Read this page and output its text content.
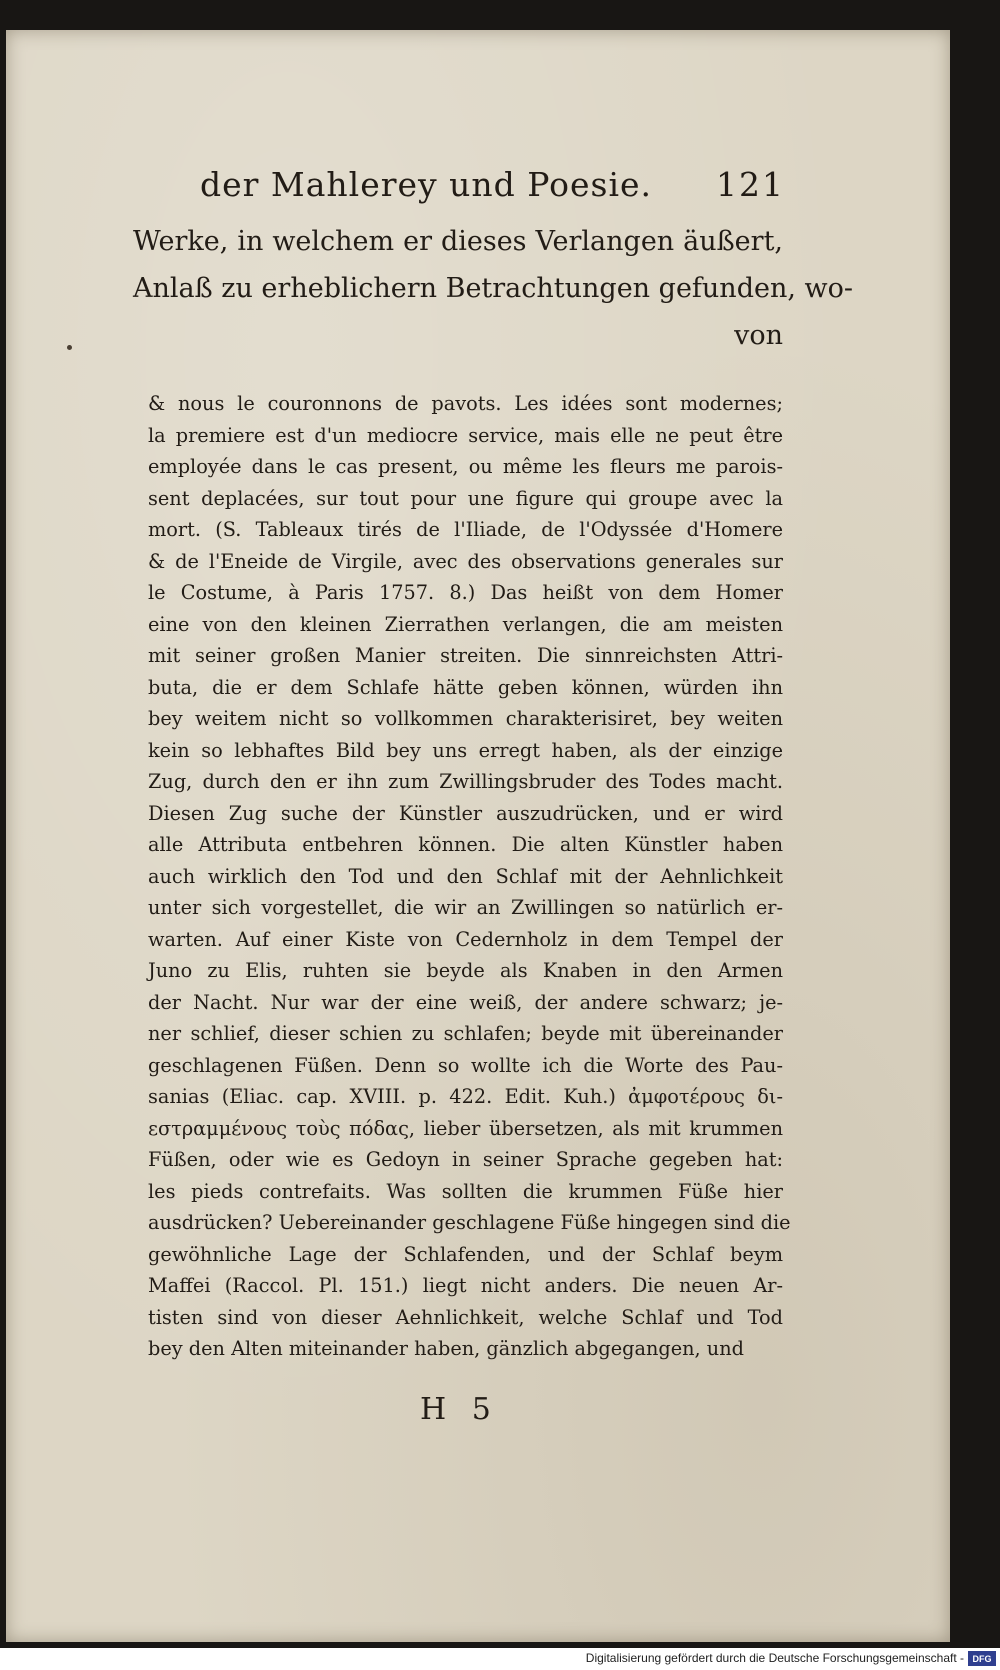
der Mahlerey und Poesie. 121
Werke, in welchem er dieses Verlangen äußert,
Anlaß zu erheblichern Betrachtungen gefunden, wo-
von
& nous le couronnons de pavots. Les idées sont modernes;
la premiere est d'un mediocre service, mais elle ne peut être
employée dans le cas present, ou même les fleurs me parois-
sent deplacées, sur tout pour une figure qui groupe avec la
mort. (S. Tableaux tirés de l'Iliade, de l'Odyssée d'Homere
& de l'Eneide de Virgile, avec des observations generales sur
le Costume, à Paris 1757. 8.) Das heißt von dem Homer
eine von den kleinen Zierrathen verlangen, die am meisten
mit seiner großen Manier streiten. Die sinnreichsten Attri-
buta, die er dem Schlafe hätte geben können, würden ihn
bey weitem nicht so vollkommen charakterisiret, bey weiten
kein so lebhaftes Bild bey uns erregt haben, als der einzige
Zug, durch den er ihn zum Zwillingsbruder des Todes macht.
Diesen Zug suche der Künstler auszudrücken, und er wird
alle Attributa entbehren können. Die alten Künstler haben
auch wirklich den Tod und den Schlaf mit der Aehnlichkeit
unter sich vorgestellet, die wir an Zwillingen so natürlich er-
warten. Auf einer Kiste von Cedernholz in dem Tempel der
Juno zu Elis, ruhten sie beyde als Knaben in den Armen
der Nacht. Nur war der eine weiß, der andere schwarz; je-
ner schlief, dieser schien zu schlafen; beyde mit übereinander
geschlagenen Füßen. Denn so wollte ich die Worte des Pau-
sanias (Eliac. cap. XVIII. p. 422. Edit. Kuh.) ἀμφοτέρους δι-
εστραμμένους τοὺς πόδας, lieber übersetzen, als mit krummen
Füßen, oder wie es Gedoyn in seiner Sprache gegeben hat:
les pieds contrefaits. Was sollten die krummen Füße hier
ausdrücken? Uebereinander geschlagene Füße hingegen sind die
gewöhnliche Lage der Schlafenden, und der Schlaf beym
Maffei (Raccol. Pl. 151.) liegt nicht anders. Die neuen Ar-
tisten sind von dieser Aehnlichkeit, welche Schlaf und Tod
bey den Alten miteinander haben, gänzlich abgegangen, und
H 5
Digitalisierung gefördert durch die Deutsche Forschungsgemeinschaft - DFG
